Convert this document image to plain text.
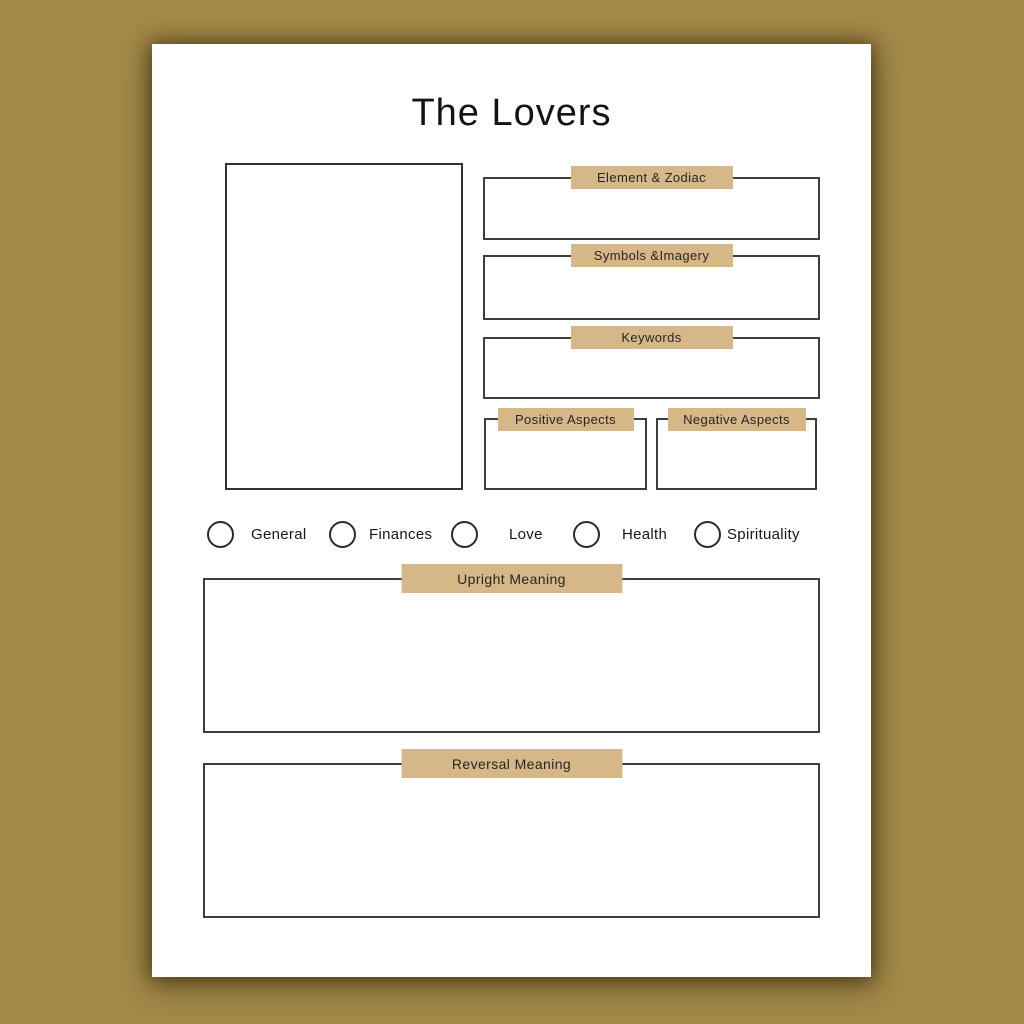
The Lovers
Element & Zodiac
Symbols &Imagery
Keywords
Positive Aspects	Negative Aspects
General	Finances	Love	Health	Spirituality
Upright Meaning
Reversal Meaning
